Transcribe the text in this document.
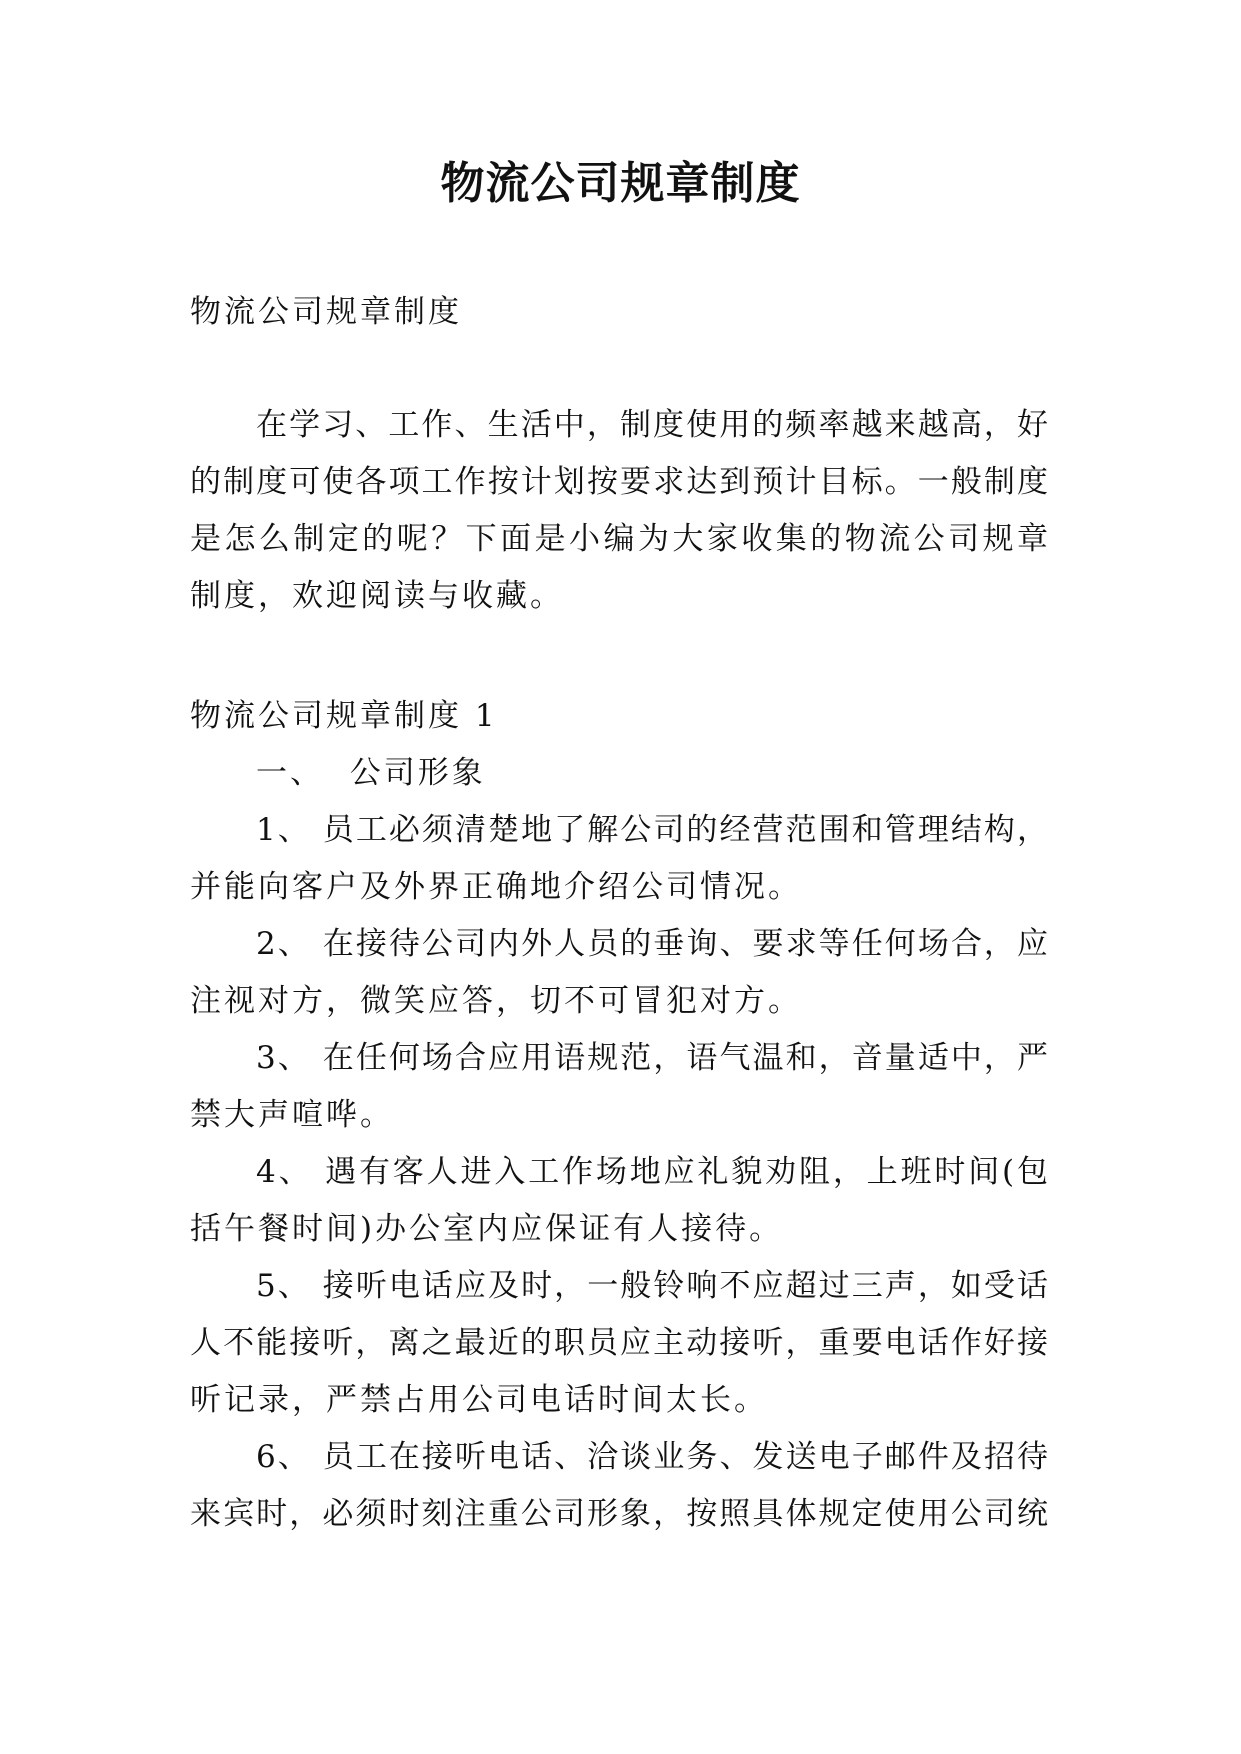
物流公司规章制度
物流公司规章制度
在学习、工作、生活中，制度使用的频率越来越高，好
的制度可使各项工作按计划按要求达到预计目标。一般制度
是怎么制定的呢？下面是小编为大家收集的物流公司规章
制度，欢迎阅读与收藏。
物流公司规章制度 1
一、  公司形象
1、 员工必须清楚地了解公司的经营范围和管理结构，
并能向客户及外界正确地介绍公司情况。
2、 在接待公司内外人员的垂询、要求等任何场合，应
注视对方，微笑应答，切不可冒犯对方。
3、 在任何场合应用语规范，语气温和，音量适中，严
禁大声喧哗。
4、 遇有客人进入工作场地应礼貌劝阻，上班时间(包
括午餐时间)办公室内应保证有人接待。
5、 接听电话应及时，一般铃响不应超过三声，如受话
人不能接听，离之最近的职员应主动接听，重要电话作好接
听记录，严禁占用公司电话时间太长。
6、 员工在接听电话、洽谈业务、发送电子邮件及招待
来宾时，必须时刻注重公司形象，按照具体规定使用公司统
